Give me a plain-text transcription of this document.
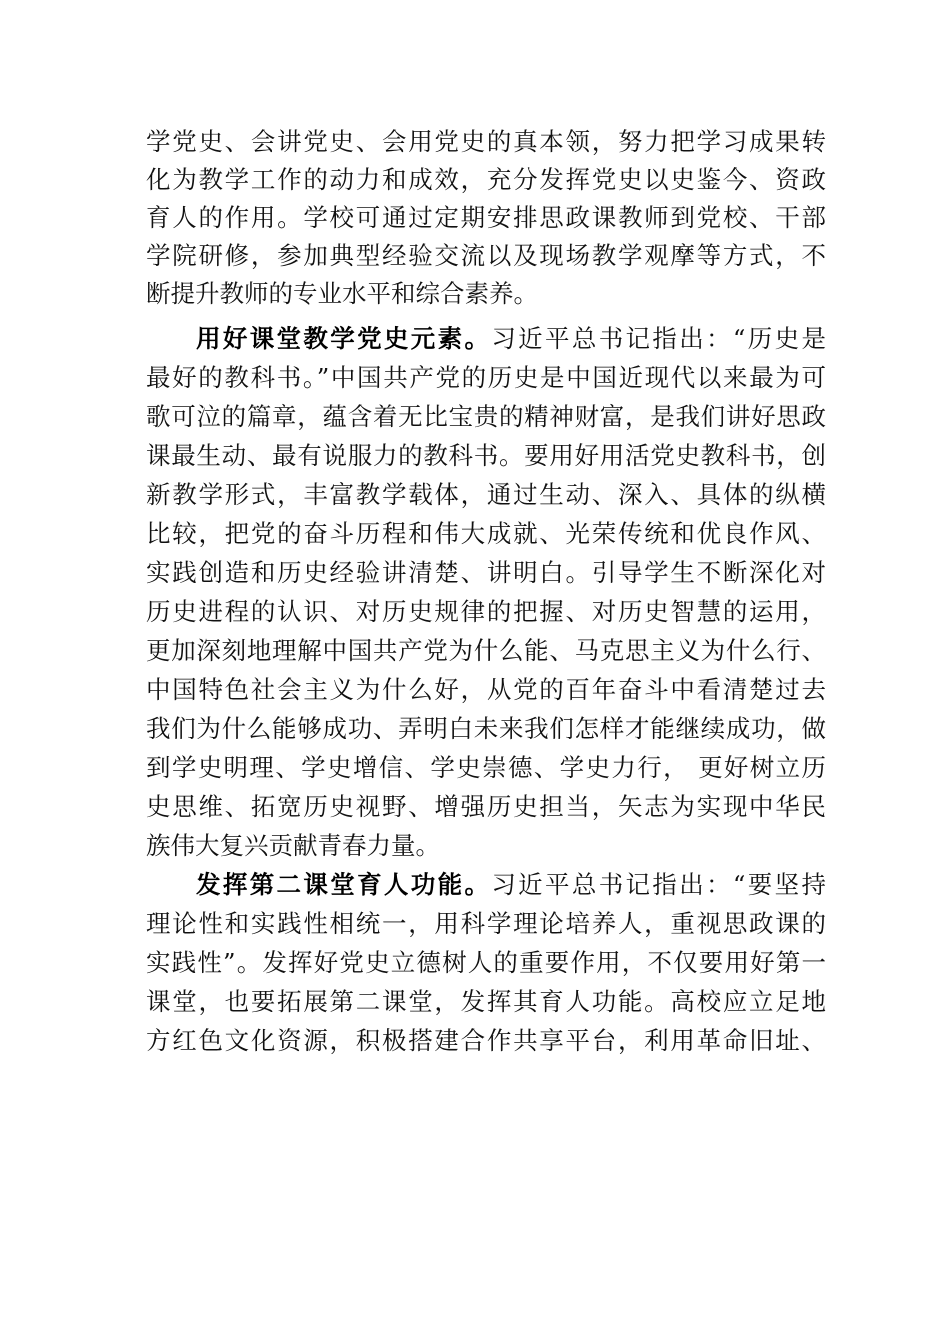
学党史、会讲党史、会用党史的真本领，努力把学习成果转
化为教学工作的动力和成效，充分发挥党史以史鉴今、资政
育人的作用。学校可通过定期安排思政课教师到党校、干部
学院研修，参加典型经验交流以及现场教学观摩等方式，不
断提升教师的专业水平和综合素养。
用好课堂教学党史元素。习近平总书记指出：“历史是
最好的教科书。”中国共产党的历史是中国近现代以来最为可
歌可泣的篇章，蕴含着无比宝贵的精神财富，是我们讲好思政
课最生动、最有说服力的教科书。要用好用活党史教科书，创
新教学形式，丰富教学载体，通过生动、深入、具体的纵横
比较，把党的奋斗历程和伟大成就、光荣传统和优良作风、
实践创造和历史经验讲清楚、讲明白。引导学生不断深化对
历史进程的认识、对历史规律的把握、对历史智慧的运用，
更加深刻地理解中国共产党为什么能、马克思主义为什么行、
中国特色社会主义为什么好，从党的百年奋斗中看清楚过去
我们为什么能够成功、弄明白未来我们怎样才能继续成功，做
到学史明理、学史增信、学史崇德、学史力行， 更好树立历
史思维、拓宽历史视野、增强历史担当，矢志为实现中华民
族伟大复兴贡献青春力量。
发挥第二课堂育人功能。习近平总书记指出：“要坚持
理论性和实践性相统一，用科学理论培养人，重视思政课的
实践性”。发挥好党史立德树人的重要作用，不仅要用好第一
课堂，也要拓展第二课堂，发挥其育人功能。高校应立足地
方红色文化资源，积极搭建合作共享平台，利用革命旧址、
